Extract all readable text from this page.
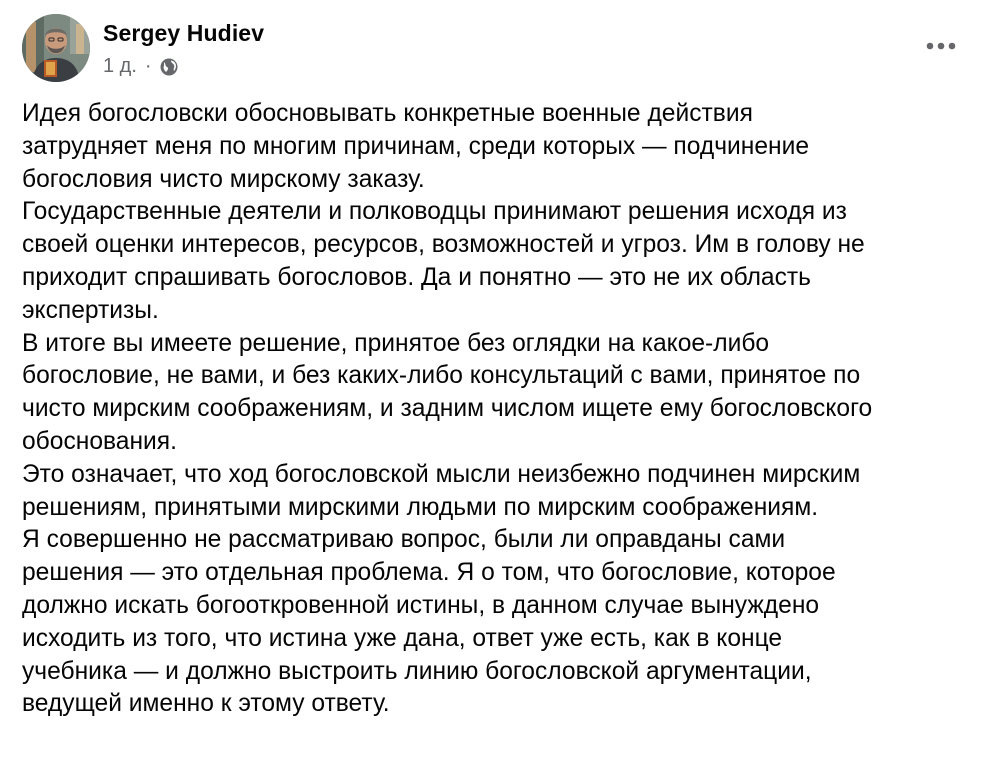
Sergey Hudiev
1 д. ·

Идея богословски обосновывать конкретные военные действия

затрудняет меня по многим причинам, среди которых — подчинение

богословия чисто мирскому заказу.

Государственные деятели и полководцы принимают решения исходя из

своей оценки интересов, ресурсов, возможностей и угроз. Им в голову не

приходит спрашивать богословов. Да и понятно — это не их область

экспертизы.

В итоге вы имеете решение, принятое без оглядки на какое-либо

богословие, не вами, и без каких-либо консультаций с вами, принятое по

чисто мирским соображениям, и задним числом ищете ему богословского

обоснования.

Это означает, что ход богословской мысли неизбежно подчинен мирским

решениям, принятыми мирскими людьми по мирским соображениям.

Я совершенно не рассматриваю вопрос, были ли оправданы сами

решения — это отдельная проблема. Я о том, что богословие, которое

должно искать богооткровенной истины, в данном случае вынуждено

исходить из того, что истина уже дана, ответ уже есть, как в конце

учебника — и должно выстроить линию богословской аргументации,

ведущей именно к этому ответу.
